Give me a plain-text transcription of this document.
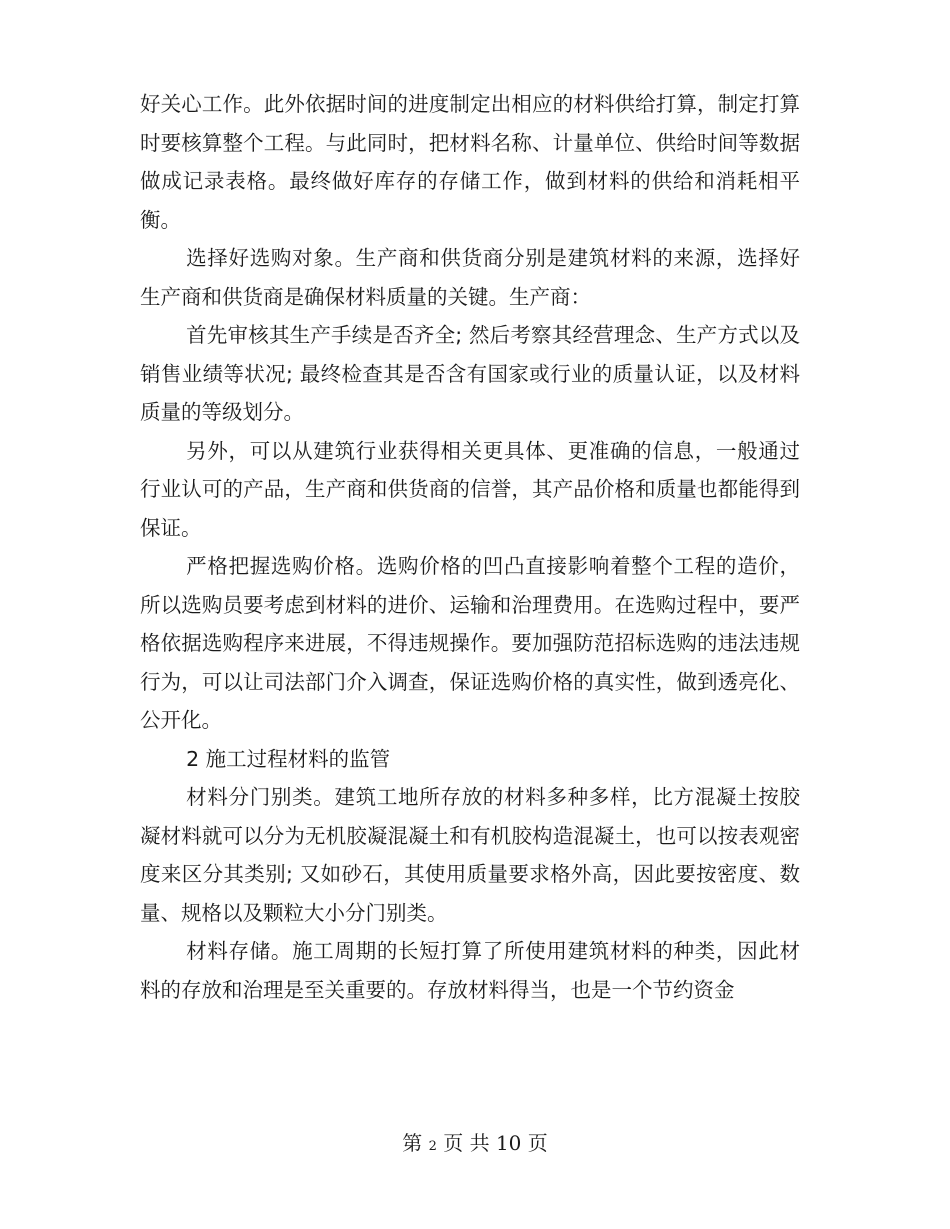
好关心工作。此外依据时间的进度制定出相应的材料供给打算，制定打算时要核算整个工程。与此同时，把材料名称、计量单位、供给时间等数据做成记录表格。最终做好库存的存储工作，做到材料的供给和消耗相平衡。

选择好选购对象。生产商和供货商分别是建筑材料的来源，选择好生产商和供货商是确保材料质量的关键。生产商：

首先审核其生产手续是否齐全; 然后考察其经营理念、生产方式以及销售业绩等状况; 最终检查其是否含有国家或行业的质量认证，以及材料质量的等级划分。

另外，可以从建筑行业获得相关更具体、更准确的信息，一般通过行业认可的产品，生产商和供货商的信誉，其产品价格和质量也都能得到保证。

严格把握选购价格。选购价格的凹凸直接影响着整个工程的造价，所以选购员要考虑到材料的进价、运输和治理费用。在选购过程中，要严格依据选购程序来进展，不得违规操作。要加强防范招标选购的违法违规行为，可以让司法部门介入调查，保证选购价格的真实性，做到透亮化、公开化。

2 施工过程材料的监管

材料分门别类。建筑工地所存放的材料多种多样，比方混凝土按胶凝材料就可以分为无机胶凝混凝土和有机胶构造混凝土，也可以按表观密度来区分其类别; 又如砂石，其使用质量要求格外高，因此要按密度、数量、规格以及颗粒大小分门别类。

材料存储。施工周期的长短打算了所使用建筑材料的种类，因此材料的存放和治理是至关重要的。存放材料得当，也是一个节约资金

第 2 页 共 10 页
